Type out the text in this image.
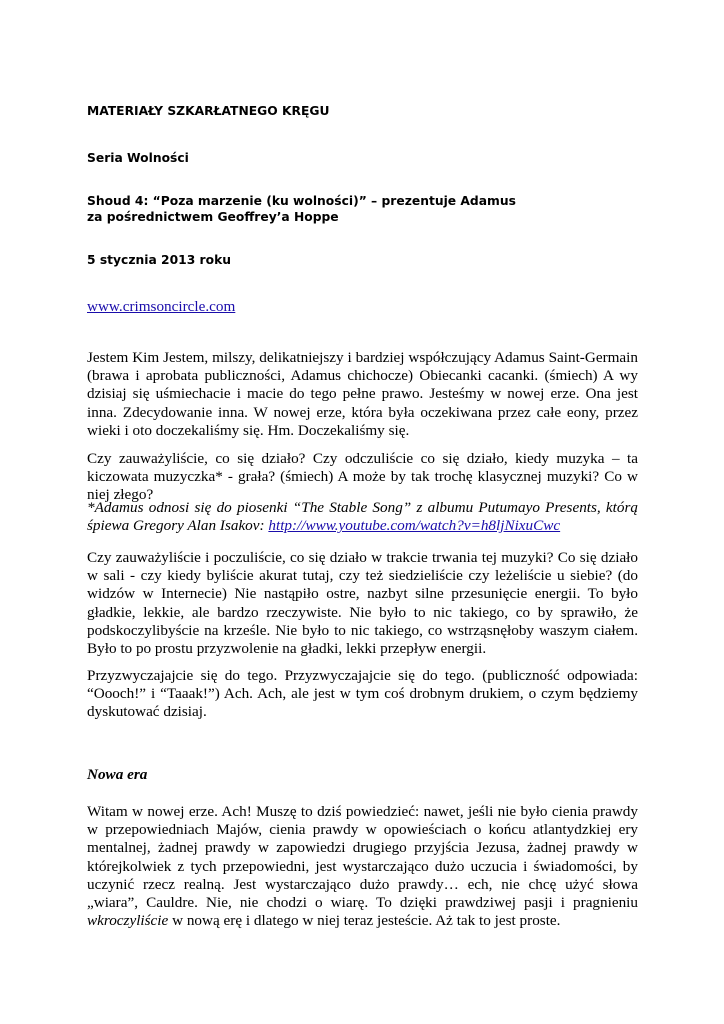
MATERIAŁY SZKARŁATNEGO KRĘGU

Seria Wolności

Shoud 4: “Poza marzenie (ku wolności)” – prezentuje Adamus

za pośrednictwem Geoffrey’a Hoppe

5 stycznia 2013 roku

www.crimsoncircle.com

Jestem Kim Jestem, milszy, delikatniejszy i bardziej współczujący Adamus Saint-Germain (brawa i aprobata publiczności, Adamus chichocze) Obiecanki cacanki. (śmiech) A wy dzisiaj się uśmiechacie i macie do tego pełne prawo. Jesteśmy w nowej erze. Ona jest inna. Zdecydowanie inna. W nowej erze, która była oczekiwana przez całe eony, przez wieki i oto doczekaliśmy się. Hm. Doczekaliśmy się.

Czy zauważyliście, co się działo? Czy odczuliście co się działo, kiedy muzyka – ta kiczowata muzyczka* - grała? (śmiech) A może by tak trochę klasycznej muzyki? Co w niej złego?

*Adamus odnosi się do piosenki “The Stable Song” z albumu Putumayo Presents, którą śpiewa Gregory Alan Isakov: http://www.youtube.com/watch?v=h8ljNixuCwc

Czy zauważyliście i poczuliście, co się działo w trakcie trwania tej muzyki? Co się działo w sali - czy kiedy byliście akurat tutaj, czy też siedzieliście czy leżeliście u siebie? (do widzów w Internecie) Nie nastąpiło ostre, nazbyt silne przesunięcie energii. To było gładkie, lekkie, ale bardzo rzeczywiste. Nie było to nic takiego, co by sprawiło, że podskoczylibyście na krześle. Nie było to nic takiego, co wstrząsnęłoby waszym ciałem. Było to po prostu przyzwolenie na gładki, lekki przepływ energii.

Przyzwyczajajcie się do tego. Przyzwyczajajcie się do tego. (publiczność odpowiada: “Oooch!” i “Taaak!”) Ach. Ach, ale jest w tym coś drobnym drukiem, o czym będziemy dyskutować dzisiaj.

Nowa era

Witam w nowej erze. Ach! Muszę to dziś powiedzieć: nawet, jeśli nie było cienia prawdy w przepowiedniach Majów, cienia prawdy w opowieściach o końcu atlantydzkiej ery mentalnej, żadnej prawdy w zapowiedzi drugiego przyjścia Jezusa, żadnej prawdy w którejkolwiek z tych przepowiedni, jest wystarczająco dużo uczucia i świadomości, by uczynić rzecz realną. Jest wystarczająco dużo prawdy… ech, nie chcę użyć słowa „wiara”, Cauldre. Nie, nie chodzi o wiarę. To dzięki prawdziwej pasji i pragnieniu wkroczyliście w nową erę i dlatego w niej teraz jesteście. Aż tak to jest proste.
